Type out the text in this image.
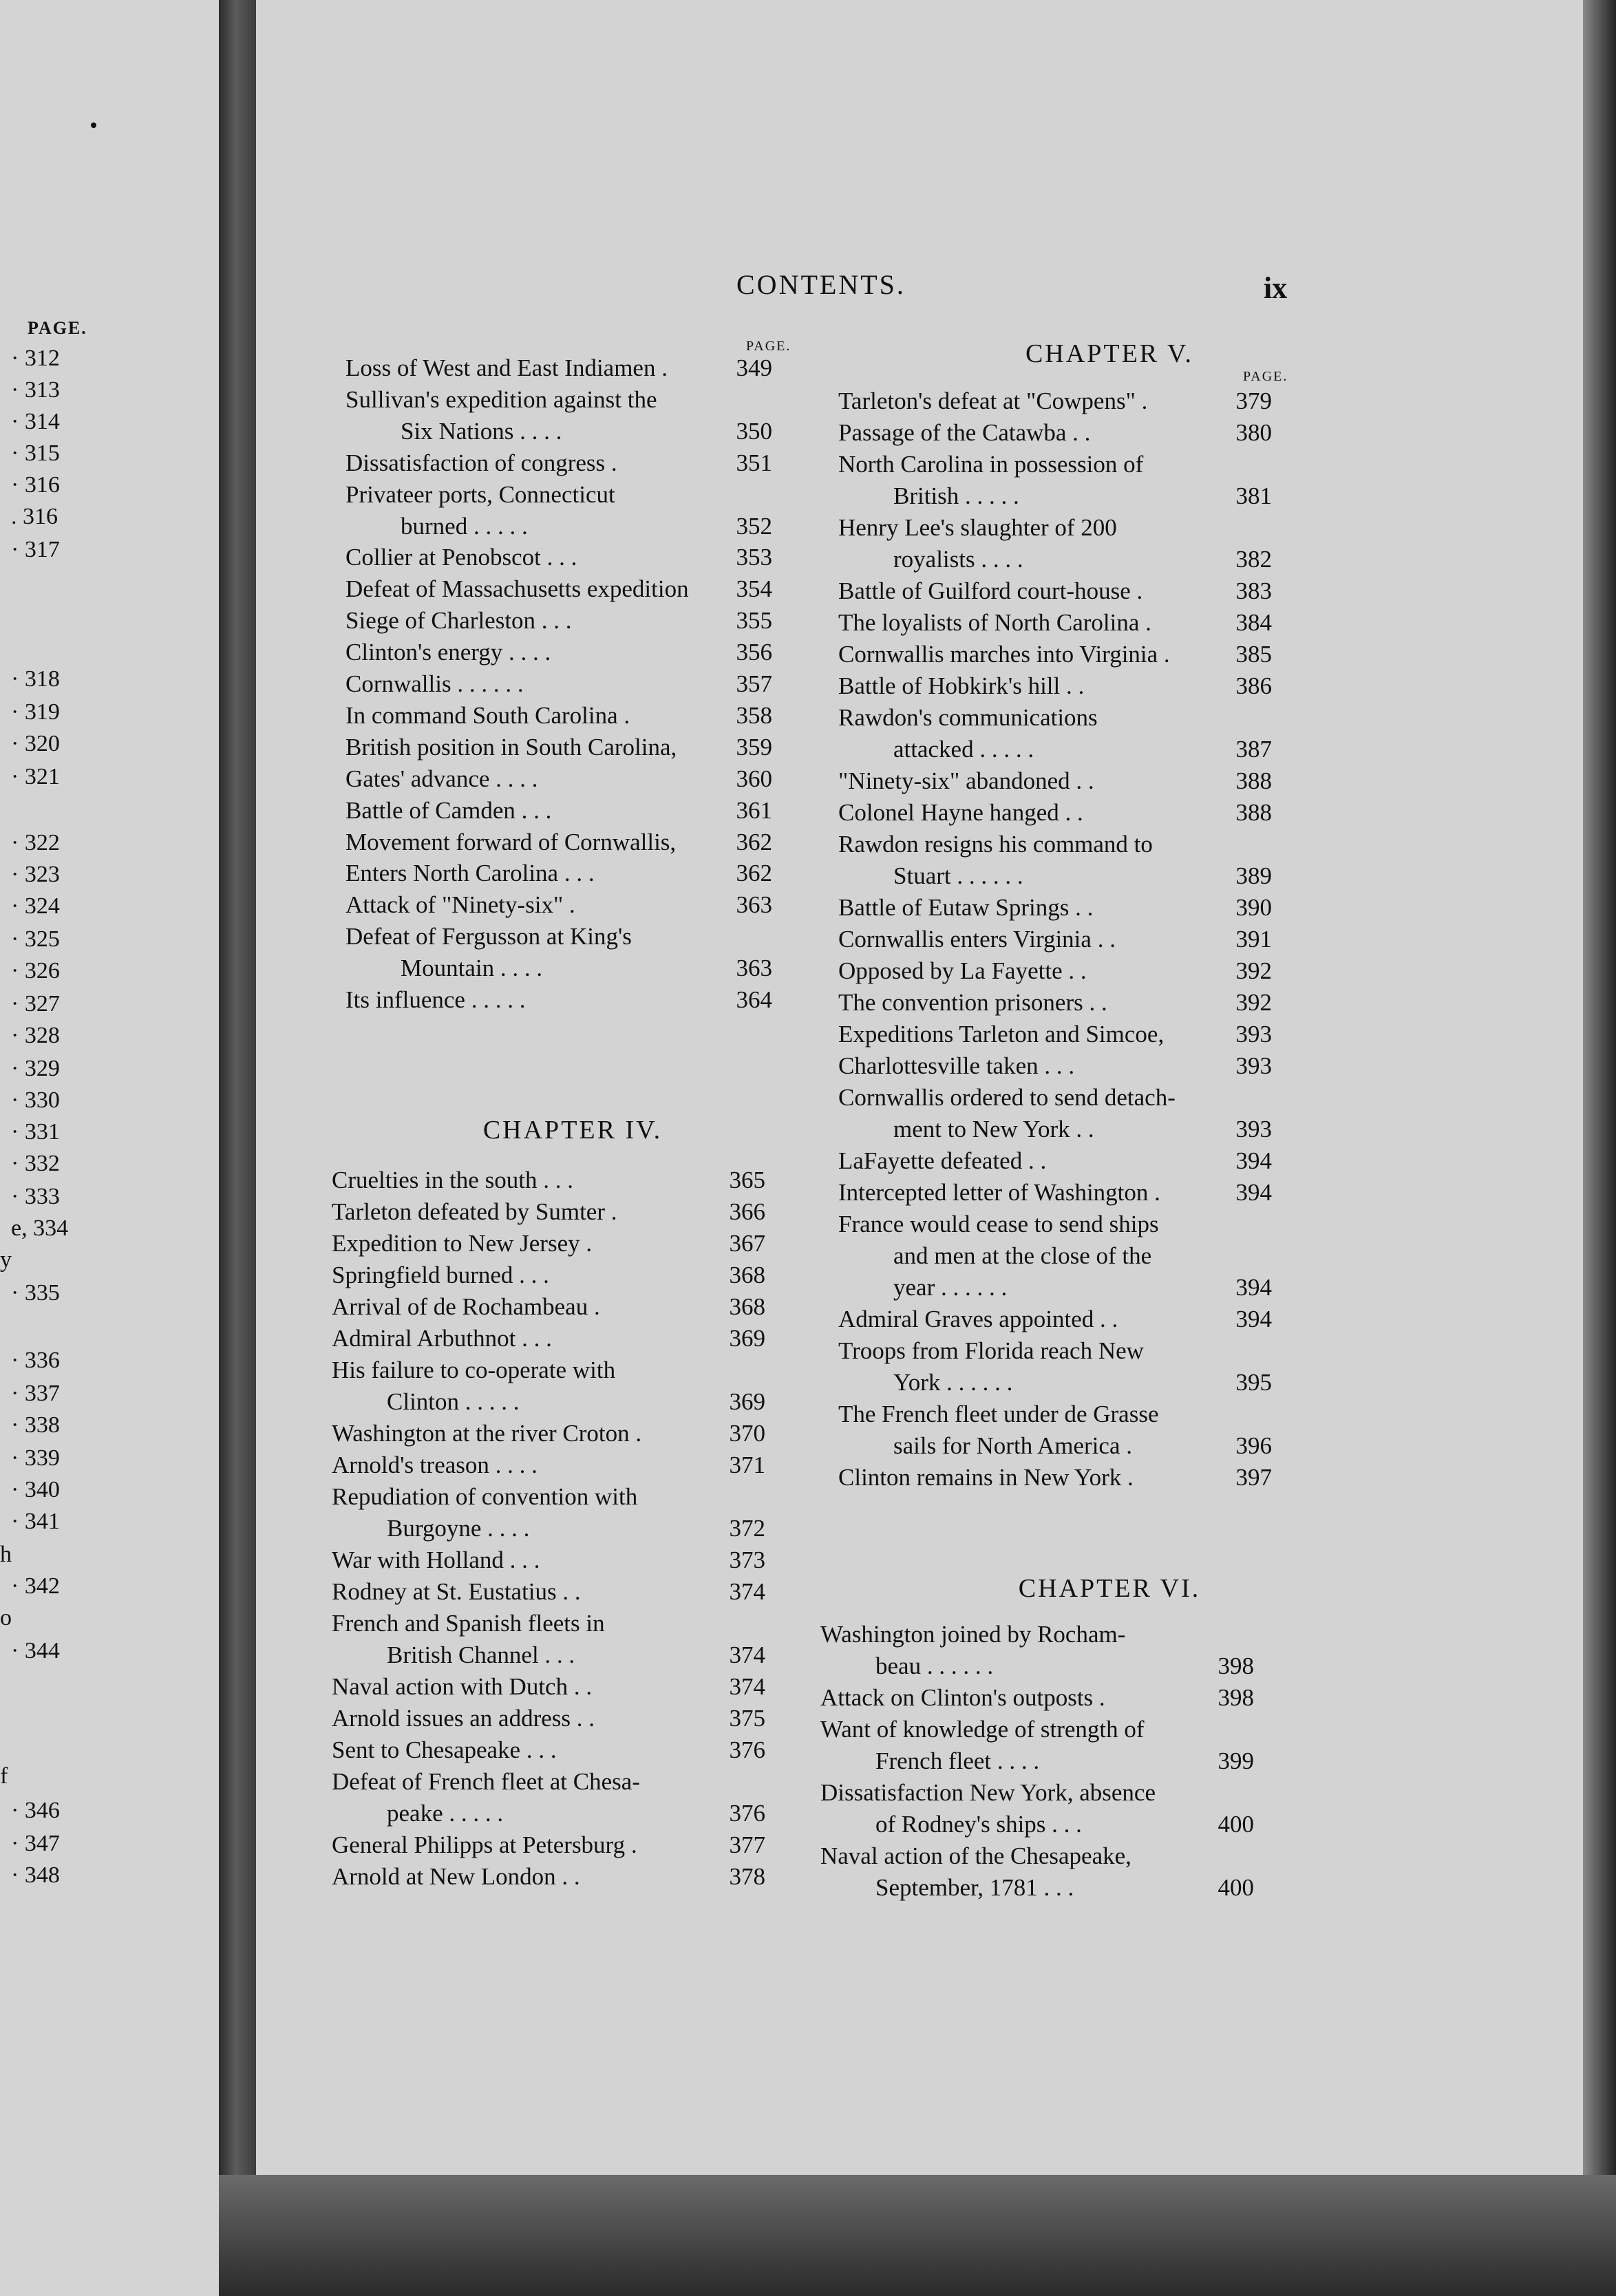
PAGE.
· 312
· 313
· 314
· 315
· 316
. 316
· 317
· 318
· 319
· 320
· 321
· 322
· 323
· 324
· 325
· 326
· 327
· 328
· 329
· 330
· 331
· 332
· 333
e, 334
· 335
· 336
· 337
· 338
· 339
· 340
· 341
· 342
· 344
· 346
· 347
· 348
y
h
o
f
CONTENTS.	ix
PAGE.
Loss of West and East Indiamen .	349
Sullivan's expedition against the
Six Nations . . . .	350
Dissatisfaction of congress .	351
Privateer ports, Connecticut
burned . . . . .	352
Collier at Penobscot . . .	353
Defeat of Massachusetts expedition 354
Siege of Charleston . . .	355
Clinton's energy . . . .	356
Cornwallis . . . . . .	357
In command South Carolina .	358
British position in South Carolina, 359
Gates' advance . . . .	360
Battle of Camden . . .	361
Movement forward of Cornwallis, 362
Enters North Carolina . . .	362
Attack of "Ninety-six" .	363
Defeat of Fergusson at King's
Mountain . . . .	363
Its influence . . . . .	364
CHAPTER IV.
Cruelties in the south . . .	365
Tarleton defeated by Sumter .	366
Expedition to New Jersey .	367
Springfield burned . . .	368
Arrival of de Rochambeau .	368
Admiral Arbuthnot . . .	369
His failure to co-operate with
Clinton . . . . .	369
Washington at the river Croton .	370
Arnold's treason . . . .	371
Repudiation of convention with
Burgoyne . . . .	372
War with Holland . . .	373
Rodney at St. Eustatius . .	374
French and Spanish fleets in
British Channel . . .	374
Naval action with Dutch . .	374
Arnold issues an address . .	375
Sent to Chesapeake . . .	376
Defeat of French fleet at Chesa-
peake . . . . .	376
General Philipps at Petersburg .	377
Arnold at New London . .	378
CHAPTER V.
PAGE.
Tarleton's defeat at "Cowpens" .	379
Passage of the Catawba . .	380
North Carolina in possession of
British . . . . .	381
Henry Lee's slaughter of 200
royalists . . . .	382
Battle of Guilford court-house .	383
The loyalists of North Carolina .	384
Cornwallis marches into Virginia .	385
Battle of Hobkirk's hill . .	386
Rawdon's communications
attacked . . . . .	387
"Ninety-six" abandoned . .	388
Colonel Hayne hanged . .	388
Rawdon resigns his command to
Stuart . . . . . .	389
Battle of Eutaw Springs . .	390
Cornwallis enters Virginia . .	391
Opposed by La Fayette . .	392
The convention prisoners . .	392
Expeditions Tarleton and Simcoe,	393
Charlottesville taken . . .	393
Cornwallis ordered to send detach-
ment to New York . .	393
LaFayette defeated . .	394
Intercepted letter of Washington .	394
France would cease to send ships
and men at the close of the
year . . . . . .	394
Admiral Graves appointed . .	394
Troops from Florida reach New
York . . . . . .	395
The French fleet under de Grasse
sails for North America .	396
Clinton remains in New York .	397
CHAPTER VI.
Washington joined by Rocham-
beau . . . . . .	398
Attack on Clinton's outposts .	398
Want of knowledge of strength of
French fleet . . . .	399
Dissatisfaction New York, absence
of Rodney's ships . . .	400
Naval action of the Chesapeake,
September, 1781 . . .	400
